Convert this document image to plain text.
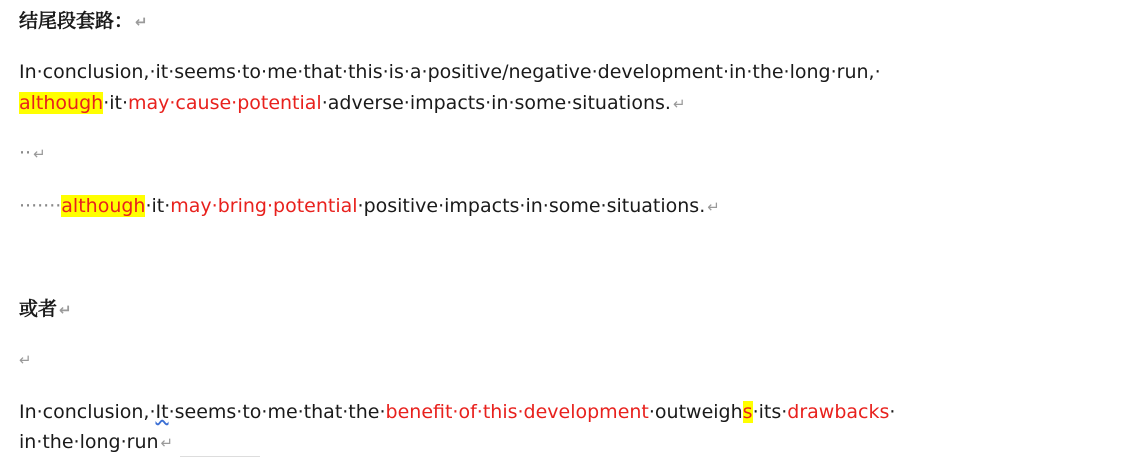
结尾段套路： ↵
In·conclusion,·it·seems·to·me·that·this·is·a·positive/negative·development·in·the·long·run,·
although·it·may·cause·potential·adverse·impacts·in·some·situations. ↵
·· ↵
·······although·it·may·bring·potential·positive·impacts·in·some·situations. ↵
或者 ↵
↵
In·conclusion,·It·seems·to·me·that·the·benefit·of·this·development·outweighs·its·drawbacks·
in·the·long·run ↵
